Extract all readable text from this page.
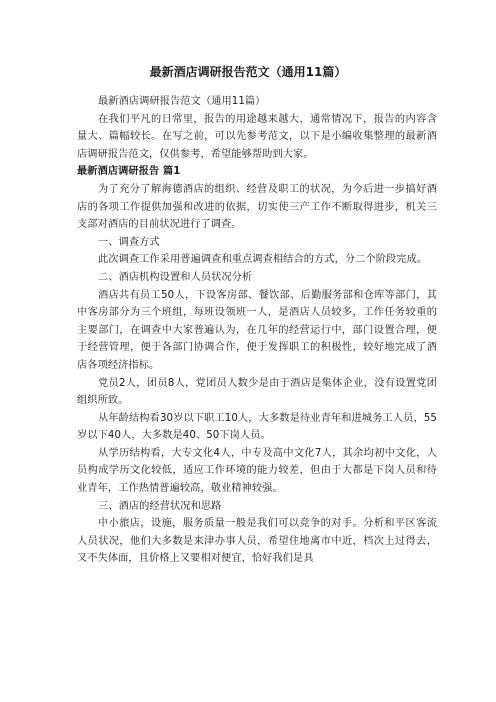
最新酒店调研报告范文（通用11篇）

最新酒店调研报告范文（通用11篇）

在我们平凡的日常里，报告的用途越来越大，通常情况下，报告的内容含量大、篇幅较长。在写之前，可以先参考范文，以下是小编收集整理的最新酒店调研报告范文，仅供参考，希望能够帮助到大家。

最新酒店调研报告 篇1

为了充分了解海德酒店的组织、经营及职工的状况，为今后进一步搞好酒店的各项工作提供加强和改进的依据，切实使三产工作不断取得进步，机关三支部对酒店的目前状况进行了调查。

一、调查方式

此次调查工作采用普遍调查和重点调查相结合的方式，分二个阶段完成。

二、酒店机构设置和人员状况分析

酒店共有员工50人，下设客房部、餐饮部、后勤服务部和仓库等部门，其中客房部分为三个班组，每班设领班一人，是酒店人员较多，工作任务较重的主要部门，在调查中大家普遍认为，在几年的经营运行中，部门设置合理，便于经营管理，便于各部门协调合作，便于发挥职工的积极性，较好地完成了酒店各项经济指标。

党员2人，团员8人，党团员人数少是由于酒店是集体企业，没有设置党团组织所致。

从年龄结构看30岁以下职工10人，大多数是待业青年和进城务工人员，55岁以下40人，大多数是40、50下岗人员。

从学历结构看，大专文化4人，中专及高中文化7人，其余均初中文化，人员构成学历文化较低，适应工作环境的能力较差，但由于大都是下岗人员和待业青年，工作热情普遍较高，敬业精神较强。

三、酒店的经营状况和思路

中小旅店，设施，服务质量一般是我们可以竞争的对手。分析和平区客流人员状况，他们大多数是来津办事人员，希望住地离市中近，档次上过得去，又不失体面，且价格上又要相对便宜，恰好我们是具
